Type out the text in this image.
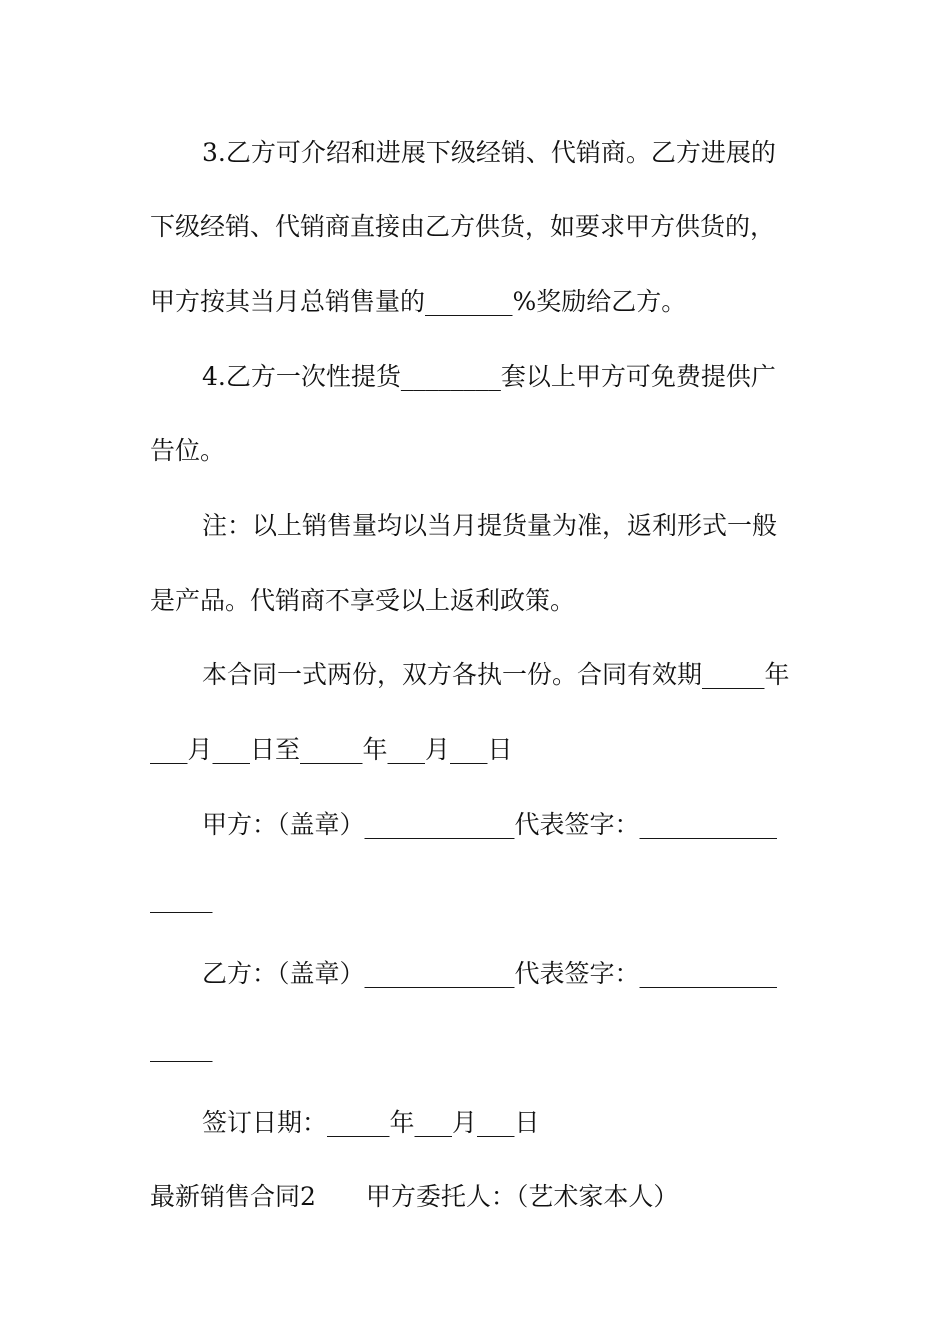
3.乙方可介绍和进展下级经销、代销商。乙方进展的
下级经销、代销商直接由乙方供货，如要求甲方供货的，
甲方按其当月总销售量的_______%奖励给乙方。
4.乙方一次性提货________套以上甲方可免费提供广
告位。
注：以上销售量均以当月提货量为准，返利形式一般
是产品。代销商不享受以上返利政策。
本合同一式两份，双方各执一份。合同有效期_____年
___月___日至_____年___月___日
甲方：（盖章）____________代表签字：___________
_____
乙方：（盖章）____________代表签字：___________
_____
签订日期：_____年___月___日
最新销售合同2　　甲方委托人：（艺术家本人）
